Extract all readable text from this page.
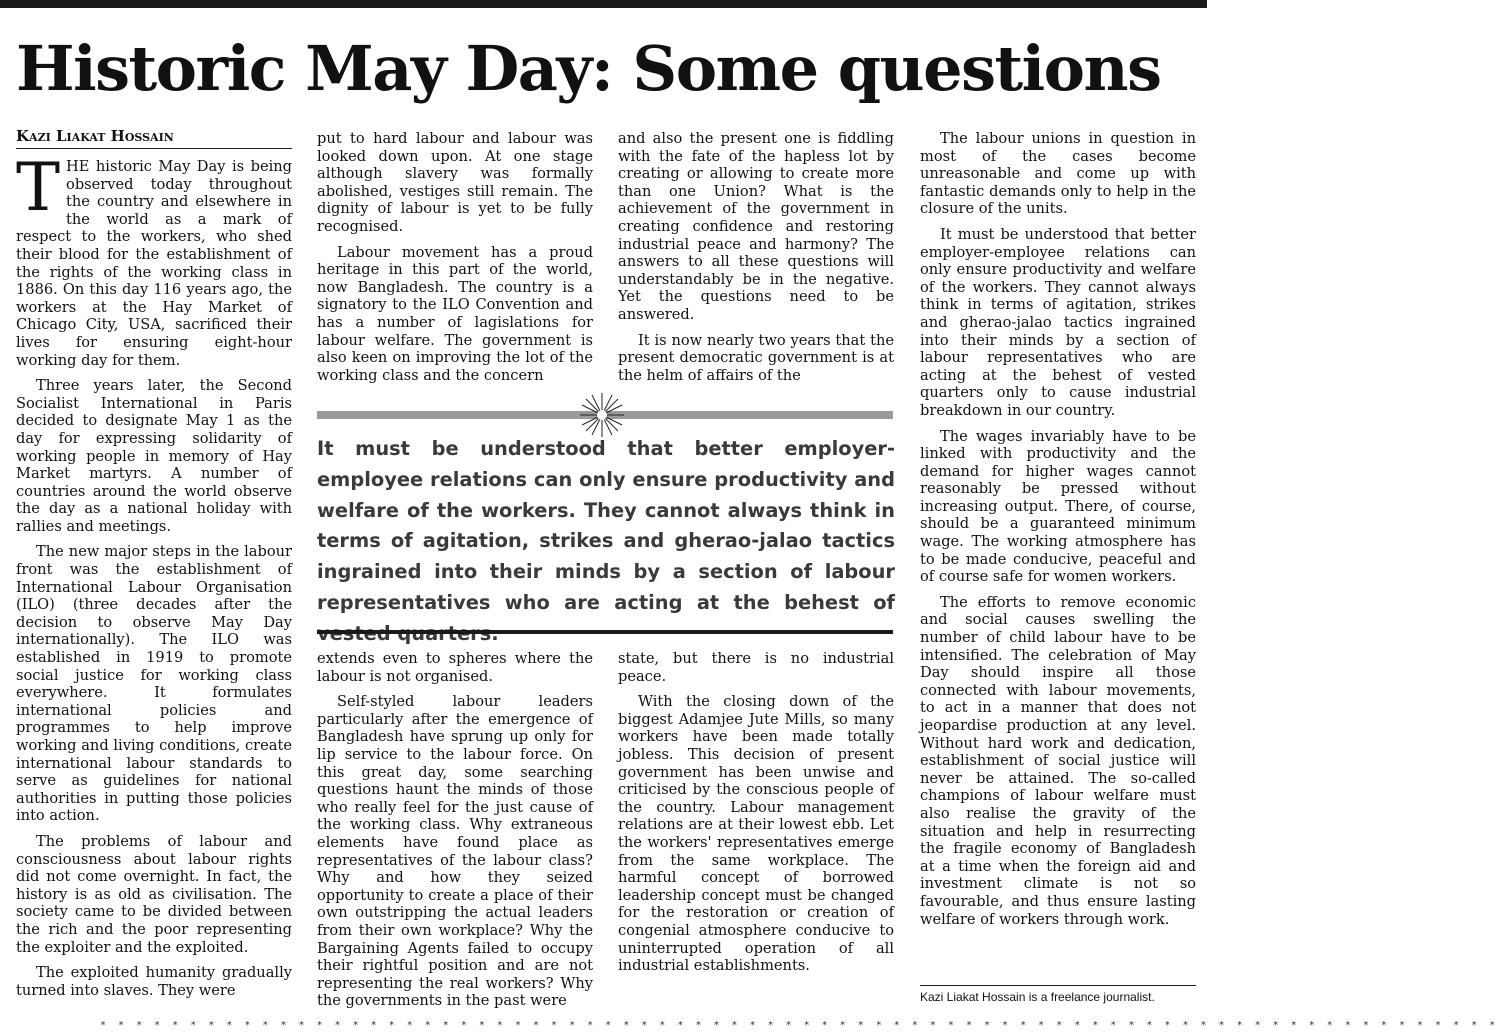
Historic May Day: Some questions
Kazi Liakat Hossain

THE historic May Day is being observed today throughout the country and elsewhere in the world as a mark of respect to the workers, who shed their blood for the establishment of the rights of the working class in 1886. On this day 116 years ago, the workers at the Hay Market of Chicago City, USA, sacrificed their lives for ensuring eight-hour working day for them.

Three years later, the Second Socialist International in Paris decided to designate May 1 as the day for expressing solidarity of working people in memory of Hay Market martyrs. A number of countries around the world observe the day as a national holiday with rallies and meetings.

The new major steps in the labour front was the establishment of International Labour Organisation (ILO) (three decades after the decision to observe May Day internationally). The ILO was established in 1919 to promote social justice for working class everywhere. It formulates international policies and programmes to help improve working and living conditions, create international labour standards to serve as guidelines for national authorities in putting those policies into action.

The problems of labour and consciousness about labour rights did not come overnight. In fact, the history is as old as civilisation. The society came to be divided between the rich and the poor representing the exploiter and the exploited.

The exploited humanity gradually turned into slaves. They were

put to hard labour and labour was looked down upon. At one stage although slavery was formally abolished, vestiges still remain. The dignity of labour is yet to be fully recognised.

Labour movement has a proud heritage in this part of the world, now Bangladesh. The country is a signatory to the ILO Convention and has a number of lagislations for labour welfare. The government is also keen on improving the lot of the working class and the concern

and also the present one is fiddling with the fate of the hapless lot by creating or allowing to create more than one Union? What is the achievement of the government in creating confidence and restoring industrial peace and harmony? The answers to all these questions will understandably be in the negative. Yet the questions need to be answered.

It is now nearly two years that the present democratic government is at the helm of affairs of the

It must be understood that better employer-employee relations can only ensure productivity and welfare of the workers. They cannot always think in terms of agitation, strikes and gherao-jalao tactics ingrained into their minds by a section of labour representatives who are acting at the behest of

extends even to spheres where the labour is not organised.

Self-styled labour leaders particularly after the emergence of Bangladesh have sprung up only for lip service to the labour force. On this great day, some searching questions haunt the minds of those who really feel for the just cause of the working class. Why extraneous elements have found place as representatives of the labour class? Why and how they seized opportunity to create a place of their own outstripping the actual leaders from their own workplace? Why the Bargaining Agents failed to occupy their rightful position and are not representing the real workers? Why the governments in the past were

state, but there is no industrial peace.

With the closing down of the biggest Adamjee Jute Mills, so many workers have been made totally jobless. This decision of present government has been unwise and criticised by the conscious people of the country. Labour management relations are at their lowest ebb. Let the workers' representatives emerge from the same workplace. The harmful concept of borrowed leadership concept must be changed for the restoration or creation of congenial atmosphere conducive to uninterrupted operation of all industrial establishments.

The labour unions in question in most of the cases become unreasonable and come up with fantastic demands only to help in the closure of the units.

It must be understood that better employer-employee relations can only ensure productivity and welfare of the workers. They cannot always think in terms of agitation, strikes and gherao-jalao tactics ingrained into their minds by a section of labour representatives who are acting at the behest of vested quarters only to cause industrial breakdown in our country.

The wages invariably have to be linked with productivity and the demand for higher wages cannot reasonably be pressed without increasing output. There, of course, should be a guaranteed minimum wage. The working atmosphere has to be made conducive, peaceful and of course safe for women workers.

The efforts to remove economic and social causes swelling the number of child labour have to be intensified. The celebration of May Day should inspire all those connected with labour movements, to act in a manner that does not jeopardise production at any level. Without hard work and dedication, establishment of social justice will never be attained. The so-called champions of labour welfare must also realise the gravity of the situation and help in resurrecting the fragile economy of Bangladesh at a time when the foreign aid and investment climate is not so favourable, and thus ensure lasting welfare of workers through work.

Kazi Liakat Hossain is a freelance journalist.
* * * * * * * * * * * * * * * * * * * * * * * * * * * * * * * * * * * * * * * * * * * * * * * * * * * * * * * * * * * * * * * * * * * * * * * * * * * * * *
